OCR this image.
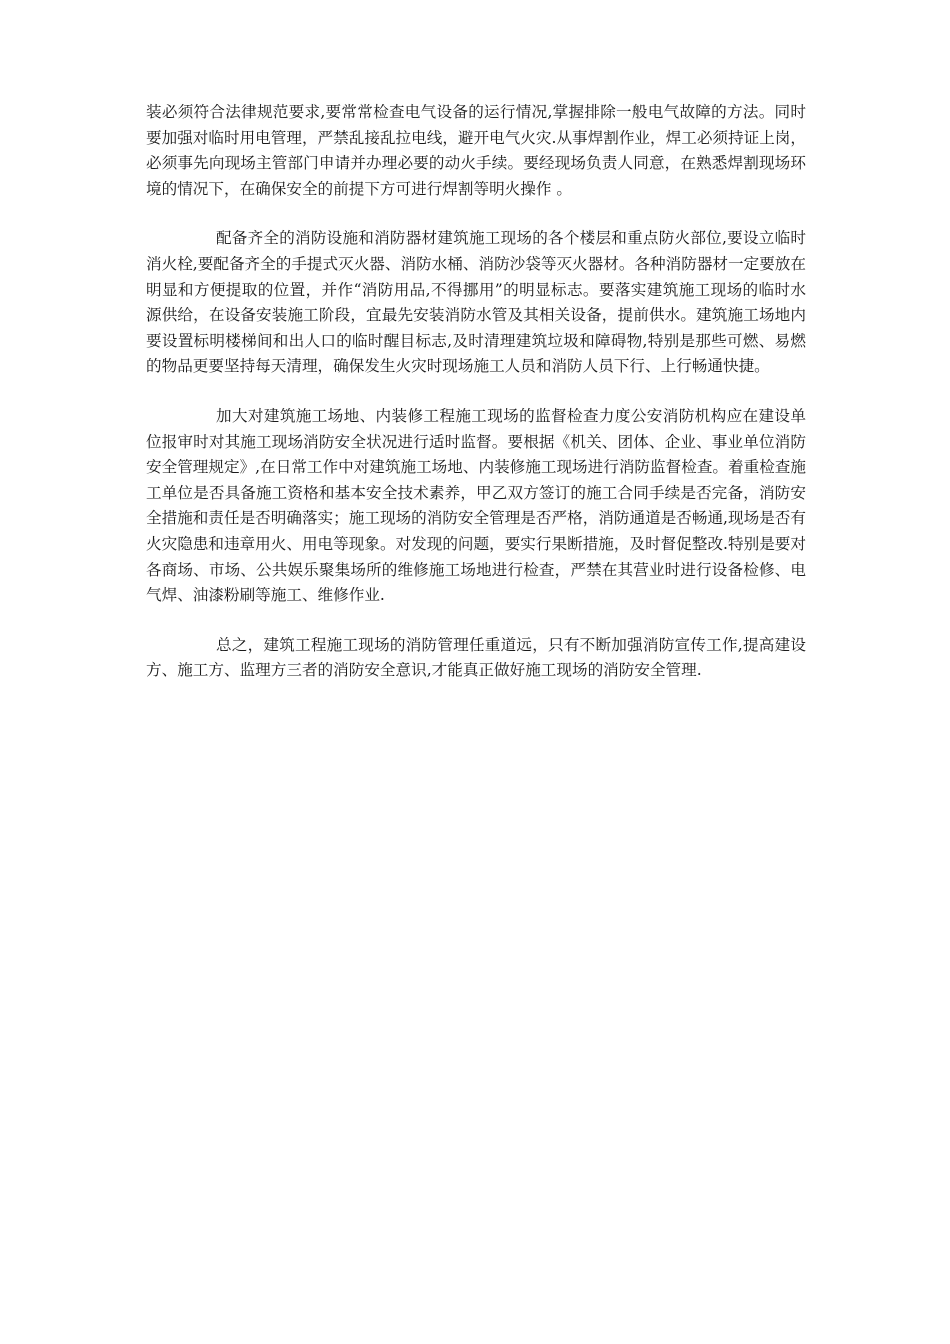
装必须符合法律规范要求,要常常检查电气设备的运行情况,掌握排除一般电气故障的方法。同时要加强对临时用电管理，严禁乱接乱拉电线，避开电气火灾.从事焊割作业，焊工必须持证上岗，必须事先向现场主管部门申请并办理必要的动火手续。要经现场负责人同意，在熟悉焊割现场环境的情况下，在确保安全的前提下方可进行焊割等明火操作 。

配备齐全的消防设施和消防器材建筑施工现场的各个楼层和重点防火部位,要设立临时消火栓,要配备齐全的手提式灭火器、消防水桶、消防沙袋等灭火器材。各种消防器材一定要放在明显和方便提取的位置，并作“消防用品,不得挪用”的明显标志。要落实建筑施工现场的临时水源供给，在设备安装施工阶段，宜最先安装消防水管及其相关设备，提前供水。建筑施工场地内要设置标明楼梯间和出人口的临时醒目标志,及时清理建筑垃圾和障碍物,特别是那些可燃、易燃的物品更要坚持每天清理，确保发生火灾时现场施工人员和消防人员下行、上行畅通快捷。

加大对建筑施工场地、内装修工程施工现场的监督检查力度公安消防机构应在建设单位报审时对其施工现场消防安全状况进行适时监督。要根据《机关、团体、企业、事业单位消防安全管理规定》,在日常工作中对建筑施工场地、内装修施工现场进行消防监督检查。着重检查施工单位是否具备施工资格和基本安全技术素养，甲乙双方签订的施工合同手续是否完备，消防安全措施和责任是否明确落实；施工现场的消防安全管理是否严格，消防通道是否畅通,现场是否有火灾隐患和违章用火、用电等现象。对发现的问题，要实行果断措施，及时督促整改.特别是要对各商场、市场、公共娱乐聚集场所的维修施工场地进行检查，严禁在其营业时进行设备检修、电气焊、油漆粉刷等施工、维修作业.

总之，建筑工程施工现场的消防管理任重道远，只有不断加强消防宣传工作,提高建设方、施工方、监理方三者的消防安全意识,才能真正做好施工现场的消防安全管理.
